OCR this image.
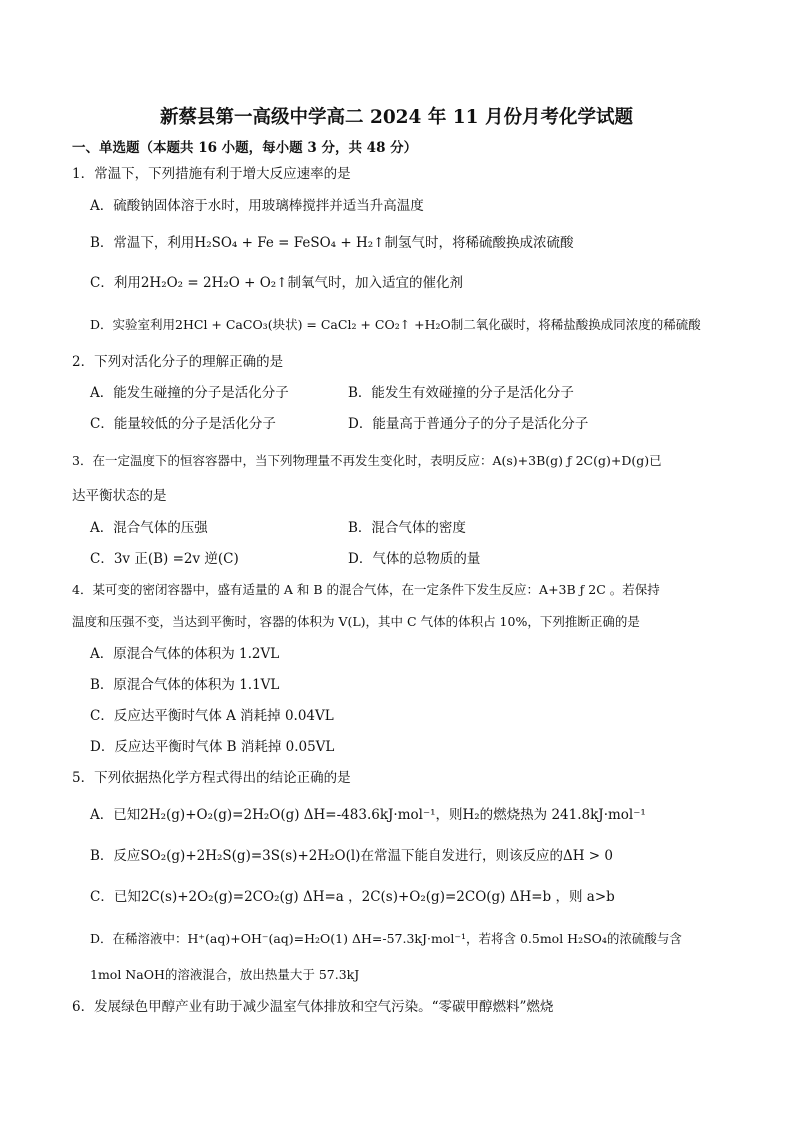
新蔡县第一高级中学高二 2024 年 11 月份月考化学试题
一、单选题（本题共 16 小题，每小题 3 分，共 48 分）
1．常温下，下列措施有利于增大反应速率的是
A．硫酸钠固体溶于水时，用玻璃棒搅拌并适当升高温度
B．常温下，利用H₂SO₄ + Fe = FeSO₄ + H₂↑制氢气时，将稀硫酸换成浓硫酸
C．利用2H₂O₂ = 2H₂O + O₂↑制氧气时，加入适宜的催化剂
D．实验室利用2HCl + CaCO₃(块状) = CaCl₂ + CO₂↑ +H₂O制二氧化碳时，将稀盐酸换成同浓度的稀硫酸
2．下列对活化分子的理解正确的是
A．能发生碰撞的分子是活化分子	B．能发生有效碰撞的分子是活化分子
C．能量较低的分子是活化分子	D．能量高于普通分子的分子是活化分子
3．在一定温度下的恒容容器中，当下列物理量不再发生变化时，表明反应：A(s)+3B(g) ƒ 2C(g)+D(g)已
达平衡状态的是
A．混合气体的压强	B．混合气体的密度
C．3v 正(B) =2v 逆(C)	D．气体的总物质的量
4．某可变的密闭容器中，盛有适量的 A 和 B 的混合气体，在一定条件下发生反应：A+3B ƒ 2C 。若保持
温度和压强不变，当达到平衡时，容器的体积为 V(L)，其中 C 气体的体积占 10%，下列推断正确的是
A．原混合气体的体积为 1.2VL
B．原混合气体的体积为 1.1VL
C．反应达平衡时气体 A 消耗掉 0.04VL
D．反应达平衡时气体 B 消耗掉 0.05VL
5．下列依据热化学方程式得出的结论正确的是
A．已知2H₂(g)+O₂(g)=2H₂O(g) ΔH=-483.6kJ·mol⁻¹，则H₂的燃烧热为 241.8kJ·mol⁻¹
B．反应SO₂(g)+2H₂S(g)=3S(s)+2H₂O(l)在常温下能自发进行，则该反应的ΔH > 0
C．已知2C(s)+2O₂(g)=2CO₂(g) ΔH=a ，2C(s)+O₂(g)=2CO(g) ΔH=b ，则 a>b
D．在稀溶液中：H⁺(aq)+OH⁻(aq)=H₂O(1) ΔH=-57.3kJ·mol⁻¹，若将含 0.5mol H₂SO₄的浓硫酸与含
1mol NaOH的溶液混合，放出热量大于 57.3kJ
6．发展绿色甲醇产业有助于减少温室气体排放和空气污染。“零碳甲醇燃料”燃烧
